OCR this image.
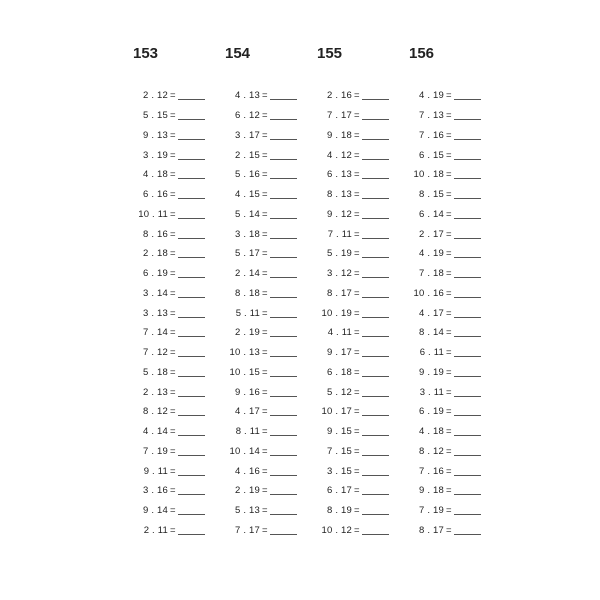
153
2 . 12 =
5 . 15 =
9 . 13 =
3 . 19 =
4 . 18 =
6 . 16 =
10 . 11 =
8 . 16 =
2 . 18 =
6 . 19 =
3 . 14 =
3 . 13 =
7 . 14 =
7 . 12 =
5 . 18 =
2 . 13 =
8 . 12 =
4 . 14 =
7 . 19 =
9 . 11 =
3 . 16 =
9 . 14 =
2 . 11 =
154
4 . 13 =
6 . 12 =
3 . 17 =
2 . 15 =
5 . 16 =
4 . 15 =
5 . 14 =
3 . 18 =
5 . 17 =
2 . 14 =
8 . 18 =
5 . 11 =
2 . 19 =
10 . 13 =
10 . 15 =
9 . 16 =
4 . 17 =
8 . 11 =
10 . 14 =
4 . 16 =
2 . 19 =
5 . 13 =
7 . 17 =
155
2 . 16 =
7 . 17 =
9 . 18 =
4 . 12 =
6 . 13 =
8 . 13 =
9 . 12 =
7 . 11 =
5 . 19 =
3 . 12 =
8 . 17 =
10 . 19 =
4 . 11 =
9 . 17 =
6 . 18 =
5 . 12 =
10 . 17 =
9 . 15 =
7 . 15 =
3 . 15 =
6 . 17 =
8 . 19 =
10 . 12 =
156
4 . 19 =
7 . 13 =
7 . 16 =
6 . 15 =
10 . 18 =
8 . 15 =
6 . 14 =
2 . 17 =
4 . 19 =
7 . 18 =
10 . 16 =
4 . 17 =
8 . 14 =
6 . 11 =
9 . 19 =
3 . 11 =
6 . 19 =
4 . 18 =
8 . 12 =
7 . 16 =
9 . 18 =
7 . 19 =
8 . 17 =
